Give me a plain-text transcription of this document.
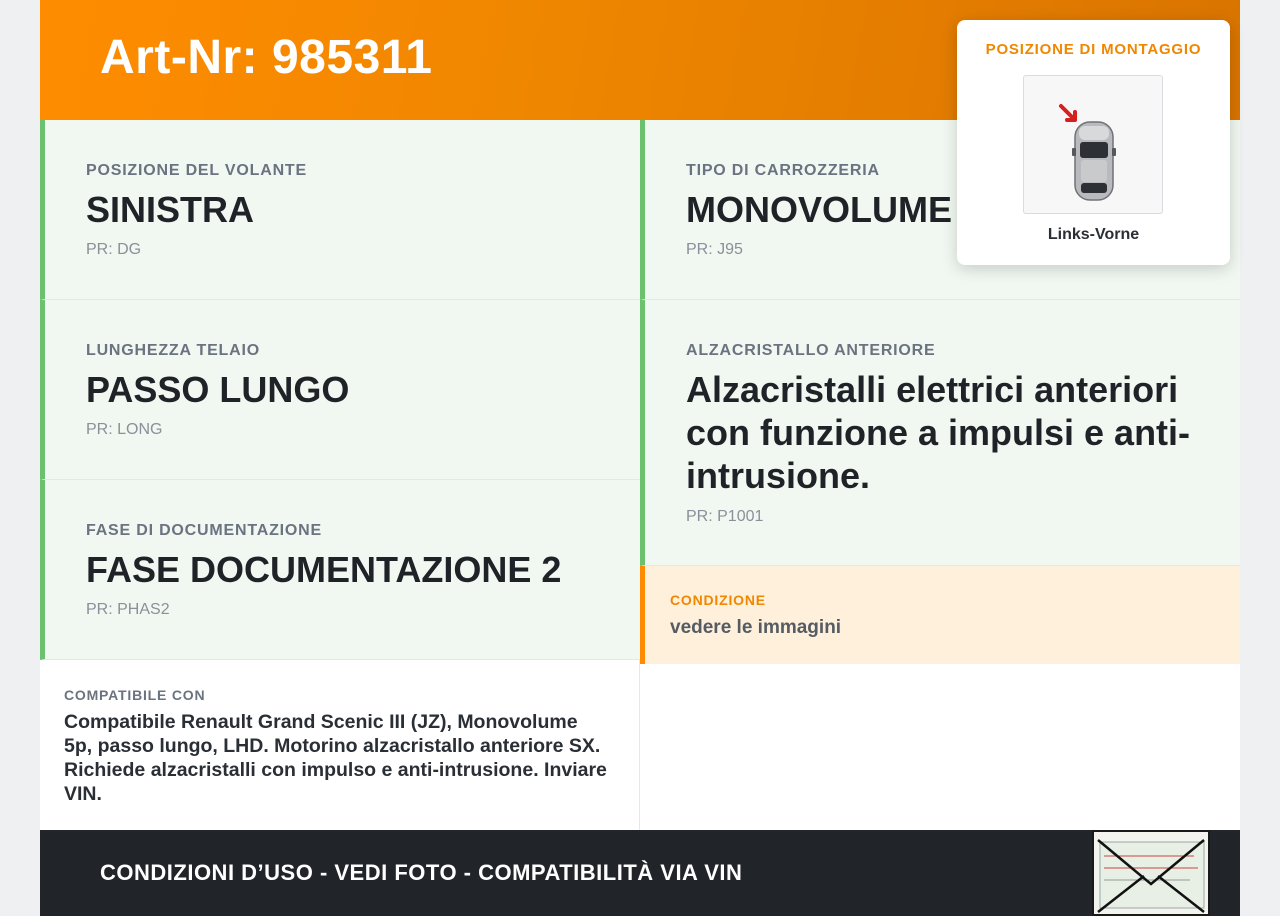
Art-Nr: 985311
POSIZIONE DEL VOLANTE
SINISTRA
PR: DG
LUNGHEZZA TELAIO
PASSO LUNGO
PR: LONG
FASE DI DOCUMENTAZIONE
FASE DOCUMENTAZIONE 2
PR: PHAS2
TIPO DI CARROZZERIA
MONOVOLUME
PR: J95
ALZACRISTALLO ANTERIORE
Alzacristalli elettrici anteriori con funzione a impulsi e anti-intrusione.
PR: P1001
CONDIZIONE
vedere le immagini
COMPATIBILE CON
Compatibile Renault Grand Scenic III (JZ), Monovolume 5p, passo lungo, LHD. Motorino alzacristallo anteriore SX. Richiede alzacristalli con impulso e anti-intrusione. Inviare VIN.
CONDIZIONI D’USO - VEDI FOTO - COMPATIBILITÀ VIA VIN
POSIZIONE DI MONTAGGIO
Links-Vorne
